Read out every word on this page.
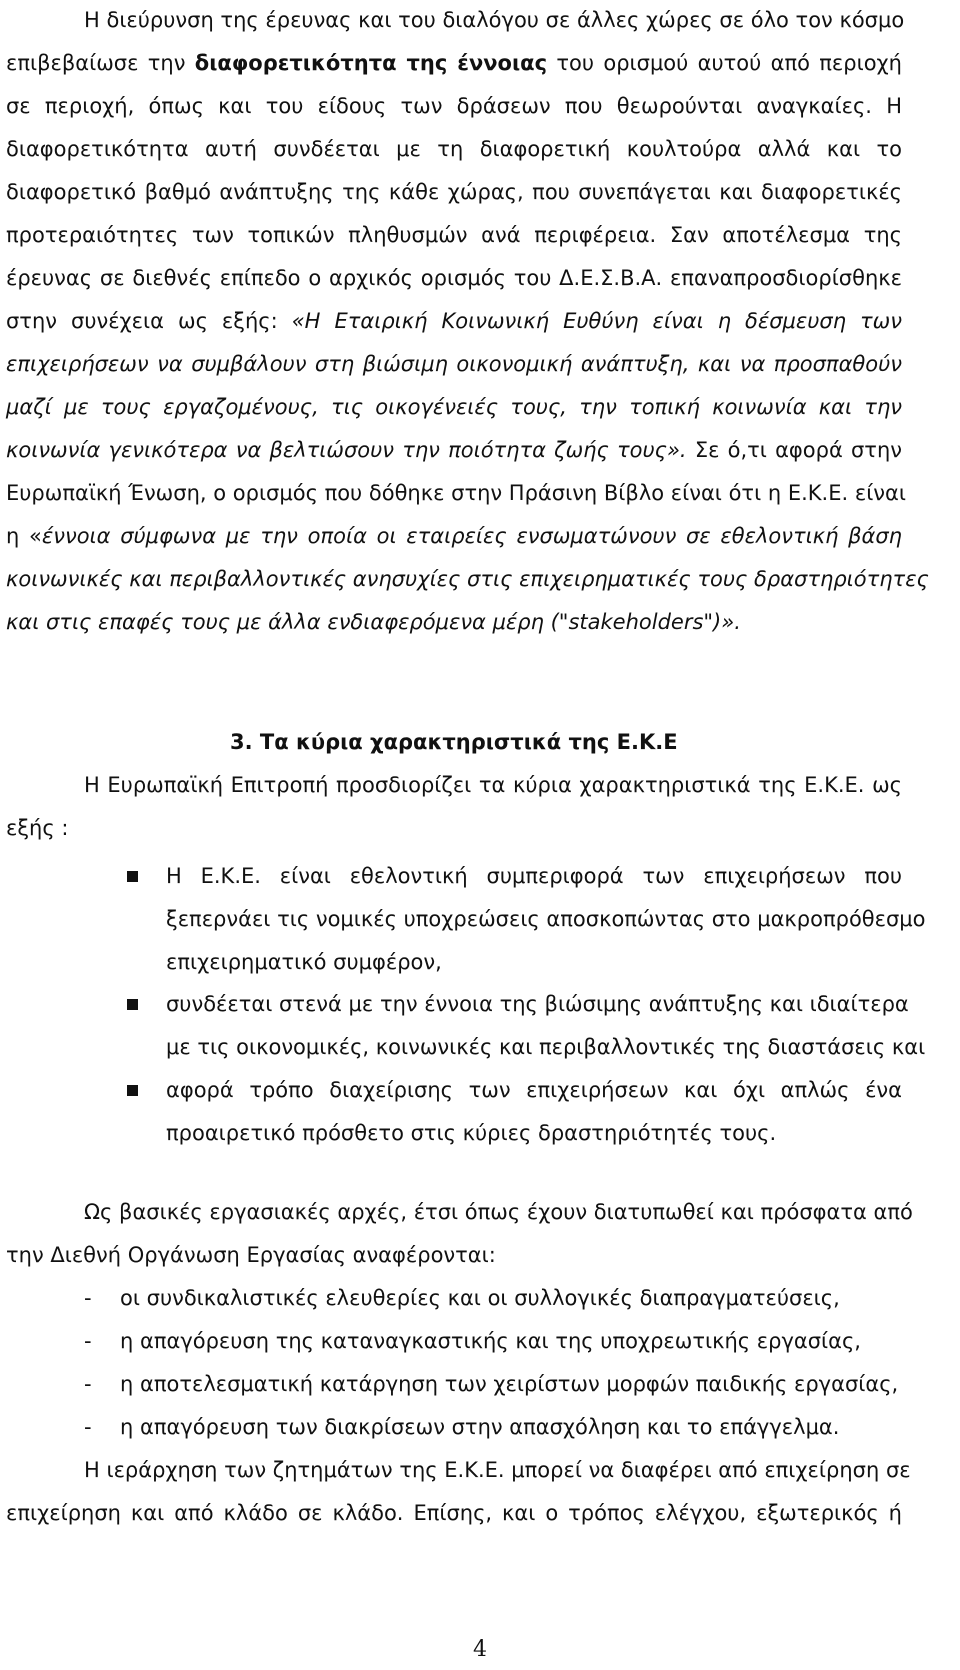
Η διεύρυνση της έρευνας και του διαλόγου σε άλλες χώρες σε όλο τον κόσμο
επιβεβαίωσε την διαφορετικότητα της έννοιας του ορισμού αυτού από περιοχή
σε περιοχή, όπως και του είδους των δράσεων που θεωρούνται αναγκαίες. Η
διαφορετικότητα αυτή συνδέεται με τη διαφορετική κουλτούρα αλλά και το
διαφορετικό βαθμό ανάπτυξης της κάθε χώρας, που συνεπάγεται και διαφορετικές
προτεραιότητες των τοπικών πληθυσμών ανά περιφέρεια. Σαν αποτέλεσμα της
έρευνας σε διεθνές επίπεδο ο αρχικός ορισμός του Δ.Ε.Σ.Β.Α. επαναπροσδιορίσθηκε
στην συνέχεια ως εξής: «Η Εταιρική Κοινωνική Ευθύνη είναι η δέσμευση των
επιχειρήσεων να συμβάλουν στη βιώσιμη οικονομική ανάπτυξη, και να προσπαθούν
μαζί με τους εργαζομένους, τις οικογένειές τους, την τοπική κοινωνία και την
κοινωνία γενικότερα να βελτιώσουν την ποιότητα ζωής τους». Σε ό,τι αφορά στην
Ευρωπαϊκή Ένωση, ο ορισμός που δόθηκε στην Πράσινη Βίβλο είναι ότι η Ε.Κ.Ε. είναι
η «έννοια σύμφωνα με την οποία οι εταιρείες ενσωματώνουν σε εθελοντική βάση
κοινωνικές και περιβαλλοντικές ανησυχίες στις επιχειρηματικές τους δραστηριότητες
και στις επαφές τους με άλλα ενδιαφερόμενα μέρη ("stakeholders")».
3. Τα κύρια χαρακτηριστικά της Ε.Κ.Ε
Η Ευρωπαϊκή Επιτροπή προσδιορίζει τα κύρια χαρακτηριστικά της Ε.Κ.Ε. ως
εξής :
Η Ε.Κ.Ε. είναι εθελοντική συμπεριφορά των επιχειρήσεων που
ξεπερνάει τις νομικές υποχρεώσεις αποσκοπώντας στο μακροπρόθεσμο
επιχειρηματικό συμφέρον,
συνδέεται στενά με την έννοια της βιώσιμης ανάπτυξης και ιδιαίτερα
με τις οικονομικές, κοινωνικές και περιβαλλοντικές της διαστάσεις και
αφορά τρόπο διαχείρισης των επιχειρήσεων και όχι απλώς ένα
προαιρετικό πρόσθετο στις κύριες δραστηριότητές τους.
Ως βασικές εργασιακές αρχές, έτσι όπως έχουν διατυπωθεί και πρόσφατα από
την Διεθνή Οργάνωση Εργασίας αναφέρονται:
- οι συνδικαλιστικές ελευθερίες και οι συλλογικές διαπραγματεύσεις,
- η απαγόρευση της καταναγκαστικής και της υποχρεωτικής εργασίας,
- η αποτελεσματική κατάργηση των χειρίστων μορφών παιδικής εργασίας,
- η απαγόρευση των διακρίσεων στην απασχόληση και το επάγγελμα.
Η ιεράρχηση των ζητημάτων της Ε.Κ.Ε. μπορεί να διαφέρει από επιχείρηση σε
επιχείρηση και από κλάδο σε κλάδο. Επίσης, και ο τρόπος ελέγχου, εξωτερικός ή
4
